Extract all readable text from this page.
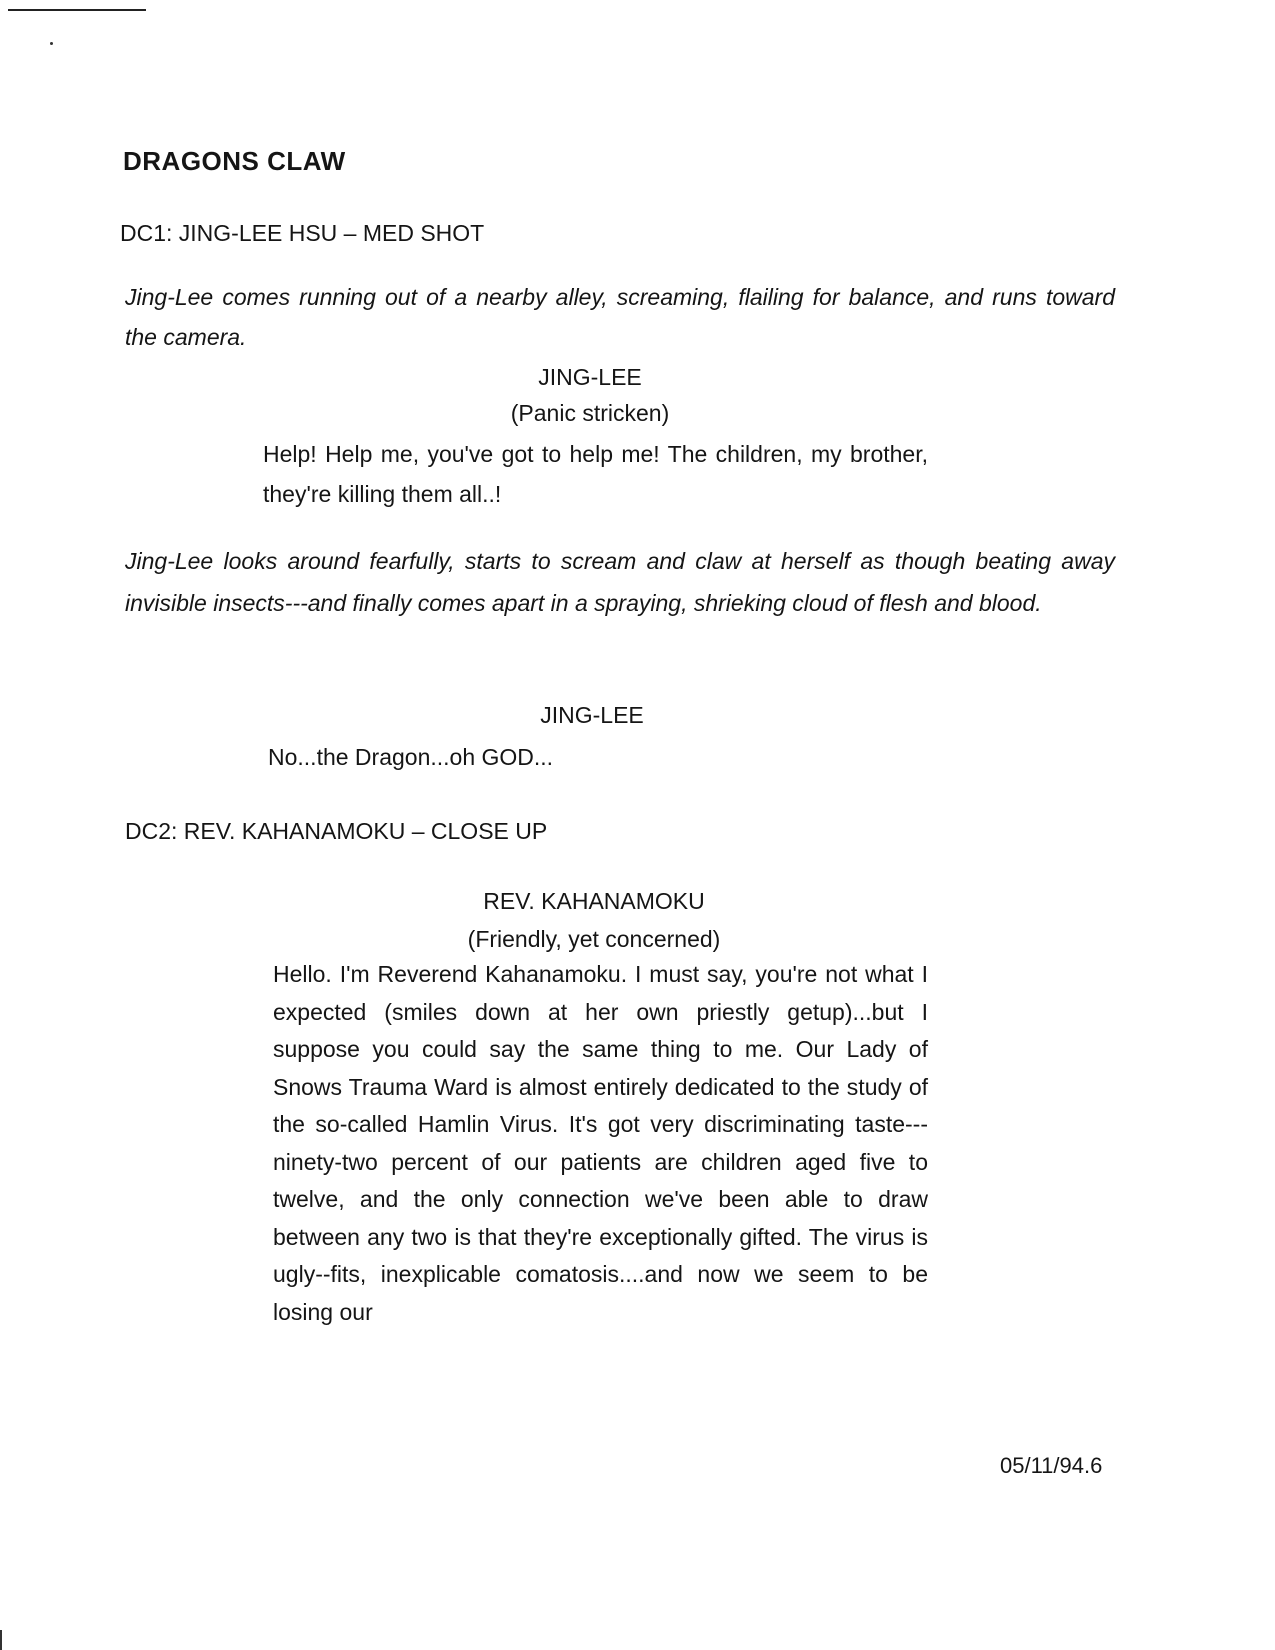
DRAGONS CLAW
DC1: JING-LEE HSU – MED SHOT
Jing-Lee comes running out of a nearby alley, screaming, flailing for balance, and runs toward the camera.
JING-LEE
(Panic stricken)
Help! Help me, you've got to help me! The children, my brother, they're killing them all..!
Jing-Lee looks around fearfully, starts to scream and claw at herself as though beating away invisible insects---and finally comes apart in a spraying, shrieking cloud of flesh and blood.
JING-LEE
No...the Dragon...oh GOD...
DC2: REV. KAHANAMOKU – CLOSE UP
REV. KAHANAMOKU
(Friendly, yet concerned)
Hello. I'm Reverend Kahanamoku. I must say, you're not what I expected (smiles down at her own priestly getup)...but I suppose you could say the same thing to me. Our Lady of Snows Trauma Ward is almost entirely dedicated to the study of the so-called Hamlin Virus. It's got very discriminating taste---ninety-two percent of our patients are children aged five to twelve, and the only connection we've been able to draw between any two is that they're exceptionally gifted. The virus is ugly--fits, inexplicable comatosis....and now we seem to be losing our
05/11/94.6
